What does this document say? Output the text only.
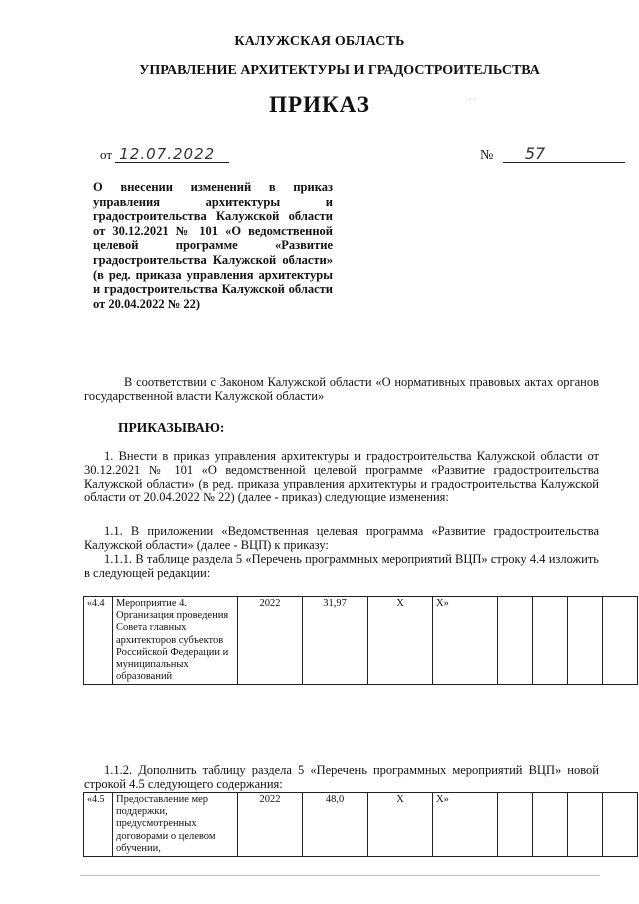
КАЛУЖСКАЯ ОБЛАСТЬ
УПРАВЛЕНИЕ АРХИТЕКТУРЫ И ГРАДОСТРОИТЕЛЬСТВА
ПРИКАЗ	· ·
от 12.07.2022	№ 57
О внесении изменений в приказ управления архитектуры и градостроительства Калужской области от 30.12.2021 № 101 «О ведомственной целевой программе «Развитие градостроительства Калужской области» (в ред. приказа управления архитектуры и градостроительства Калужской области от 20.04.2022 № 22)
В соответствии с Законом Калужской области «О нормативных правовых актах органов государственной власти Калужской области»
ПРИКАЗЫВАЮ:
1. Внести в приказ управления архитектуры и градостроительства Калужской области от 30.12.2021 № 101 «О ведомственной целевой программе «Развитие градостроительства Калужской области» (в ред. приказа управления архитектуры и градостроительства Калужской области от 20.04.2022 № 22) (далее - приказ) следующие изменения:
1.1. В приложении «Ведомственная целевая программа «Развитие градостроительства Калужской области» (далее - ВЦП) к приказу:
1.1.1. В таблице раздела 5 «Перечень программных мероприятий ВЦП» строку 4.4 изложить в следующей редакции:
«4.4	Мероприятие 4. Организация проведения Совета главных архитекторов субъектов Российской Федерации и муниципальных образований	2022	31,97	Х	Х»				
1.1.2. Дополнить таблицу раздела 5 «Перечень программных мероприятий ВЦП» новой строкой 4.5 следующего содержания:
«4.5	Предоставление мер поддержки, предусмотренных договорами о целевом обучении,	2022	48,0	Х	Х»				
